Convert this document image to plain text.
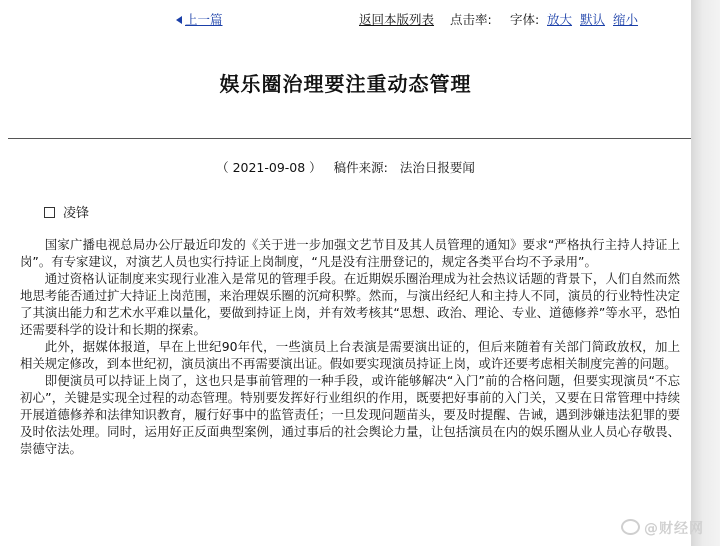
上一篇	返回本版列表 点击率: 字体: 放大 默认 缩小
娱乐圈治理要注重动态管理
（ 2021-09-08 ） 稿件来源: 法治日报要闻
凌锋

国家广播电视总局办公厅最近印发的《关于进一步加强文艺节目及其人员管理的通知》要求“严格执行主持人持证上岗”。有专家建议，对演艺人员也实行持证上岗制度，“凡是没有注册登记的，规定各类平台均不予录用”。

通过资格认证制度来实现行业准入是常见的管理手段。在近期娱乐圈治理成为社会热议话题的背景下，人们自然而然地思考能否通过扩大持证上岗范围，来治理娱乐圈的沉疴积弊。然而，与演出经纪人和主持人不同，演员的行业特性决定了其演出能力和艺术水平难以量化，要做到持证上岗，并有效考核其“思想、政治、理论、专业、道德修养”等水平，恐怕还需要科学的设计和长期的探索。

此外，据媒体报道，早在上世纪90年代，一些演员上台表演是需要演出证的，但后来随着有关部门简政放权，加上相关规定修改，到本世纪初，演员演出不再需要演出证。假如要实现演员持证上岗，或许还要考虑相关制度完善的问题。

即便演员可以持证上岗了，这也只是事前管理的一种手段，或许能够解决“入门”前的合格问题，但要实现演员“不忘初心”，关键是实现全过程的动态管理。特别要发挥好行业组织的作用，既要把好事前的入门关，又要在日常管理中持续开展道德修养和法律知识教育，履行好事中的监管责任；一旦发现问题苗头，要及时提醒、告诫，遇到涉嫌违法犯罪的要及时依法处理。同时，运用好正反面典型案例，通过事后的社会舆论力量，让包括演员在内的娱乐圈从业人员心存敬畏、崇德守法。

@财经网
